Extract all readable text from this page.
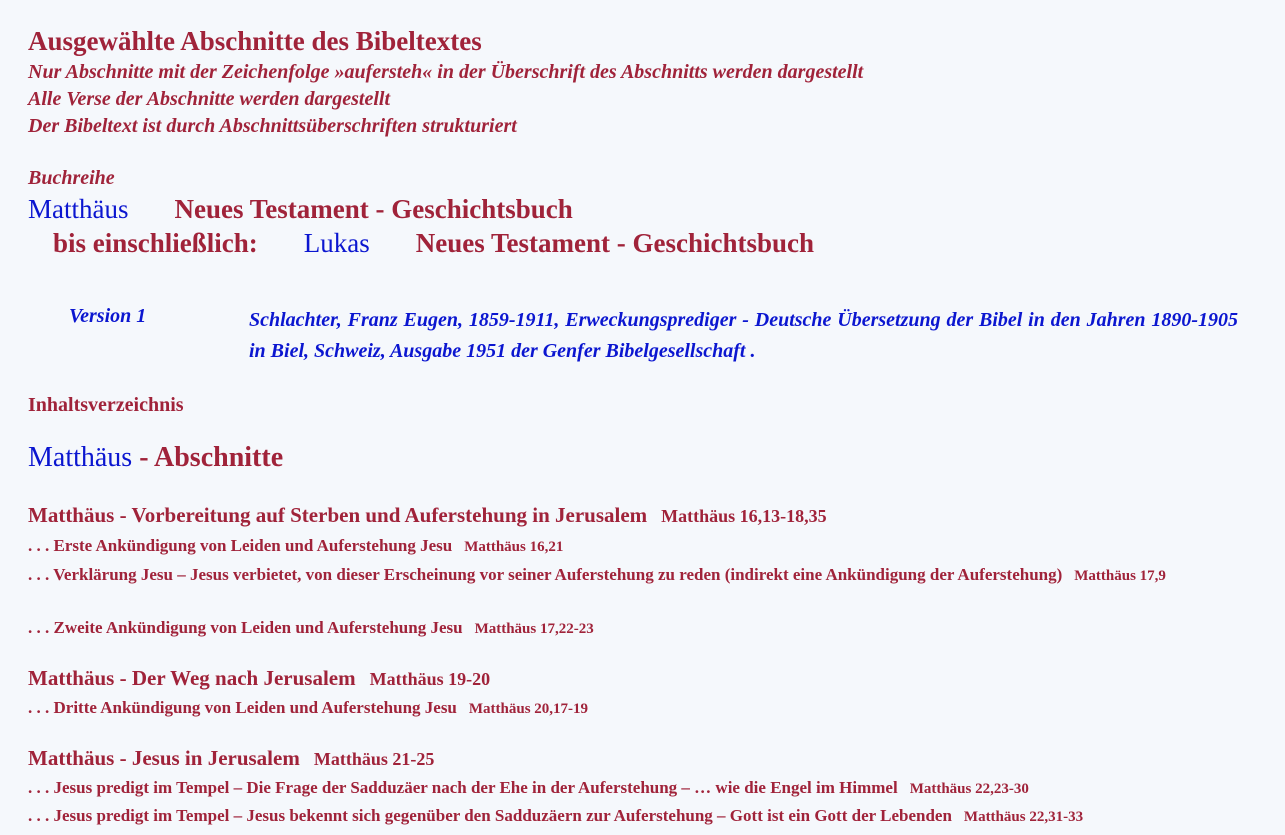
Ausgewählte Abschnitte des Bibeltextes
Nur Abschnitte mit der Zeichenfolge »aufersteh« in der Überschrift des Abschnitts werden dargestellt
Alle Verse der Abschnitte werden dargestellt
Der Bibeltext ist durch Abschnittsüberschriften strukturiert
Buchreihe
Matthäus Neues Testament - Geschichtsbuch
bis einschließlich: Lukas Neues Testament - Geschichtsbuch
Version 1	Schlachter, Franz Eugen, 1859-1911, Erweckungsprediger - Deutsche Übersetzung der Bibel in den Jahren 1890-1905 in Biel, Schweiz, Ausgabe 1951 der Genfer Bibelgesellschaft .
Inhaltsverzeichnis
Matthäus - Abschnitte
Matthäus - Vorbereitung auf Sterben und Auferstehung in Jerusalem Matthäus 16,13-18,35
. . . Erste Ankündigung von Leiden und Auferstehung Jesu Matthäus 16,21
. . . Verklärung Jesu – Jesus verbietet, von dieser Erscheinung vor seiner Auferstehung zu reden (indirekt eine Ankündigung der Auferstehung) Matthäus 17,9
. . . Zweite Ankündigung von Leiden und Auferstehung Jesu Matthäus 17,22-23
Matthäus - Der Weg nach Jerusalem Matthäus 19-20
. . . Dritte Ankündigung von Leiden und Auferstehung Jesu Matthäus 20,17-19
Matthäus - Jesus in Jerusalem Matthäus 21-25
. . . Jesus predigt im Tempel – Die Frage der Sadduzäer nach der Ehe in der Auferstehung – … wie die Engel im Himmel Matthäus 22,23-30
. . . Jesus predigt im Tempel – Jesus bekennt sich gegenüber den Sadduzäern zur Auferstehung – Gott ist ein Gott der Lebenden Matthäus 22,31-33
